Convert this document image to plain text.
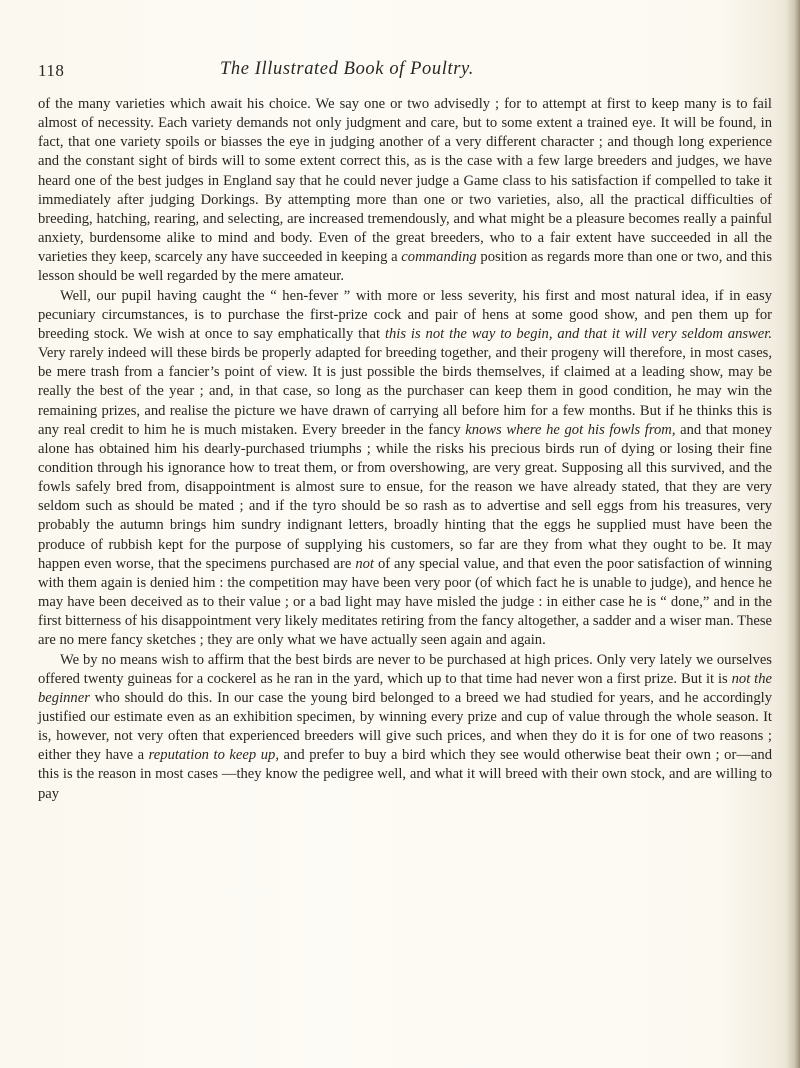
118	The Illustrated Book of Poultry.

of the many varieties which await his choice. We say one or two advisedly ; for to attempt at first to keep many is to fail almost of necessity. Each variety demands not only judgment and care, but to some extent a trained eye. It will be found, in fact, that one variety spoils or biasses the eye in judging another of a very different character ; and though long experience and the constant sight of birds will to some extent correct this, as is the case with a few large breeders and judges, we have heard one of the best judges in England say that he could never judge a Game class to his satisfaction if compelled to take it immediately after judging Dorkings. By attempting more than one or two varieties, also, all the practical difficulties of breeding, hatching, rearing, and selecting, are increased tremendously, and what might be a pleasure becomes really a painful anxiety, burdensome alike to mind and body. Even of the great breeders, who to a fair extent have succeeded in all the varieties they keep, scarcely any have succeeded in keeping a commanding position as regards more than one or two, and this lesson should be well regarded by the mere amateur.

Well, our pupil having caught the “ hen-fever ” with more or less severity, his first and most natural idea, if in easy pecuniary circumstances, is to purchase the first-prize cock and pair of hens at some good show, and pen them up for breeding stock. We wish at once to say emphatically that this is not the way to begin, and that it will very seldom answer. Very rarely indeed will these birds be properly adapted for breeding together, and their progeny will therefore, in most cases, be mere trash from a fancier’s point of view. It is just possible the birds themselves, if claimed at a leading show, may be really the best of the year ; and, in that case, so long as the purchaser can keep them in good condition, he may win the remaining prizes, and realise the picture we have drawn of carrying all before him for a few months. But if he thinks this is any real credit to him he is much mistaken. Every breeder in the fancy knows where he got his fowls from, and that money alone has obtained him his dearly-purchased triumphs ; while the risks his precious birds run of dying or losing their fine condition through his ignorance how to treat them, or from overshowing, are very great. Supposing all this survived, and the fowls safely bred from, disappointment is almost sure to ensue, for the reason we have already stated, that they are very seldom such as should be mated ; and if the tyro should be so rash as to advertise and sell eggs from his treasures, very probably the autumn brings him sundry indignant letters, broadly hinting that the eggs he supplied must have been the produce of rubbish kept for the purpose of supplying his customers, so far are they from what they ought to be. It may happen even worse, that the specimens purchased are not of any special value, and that even the poor satisfaction of winning with them again is denied him : the competition may have been very poor (of which fact he is unable to judge), and hence he may have been deceived as to their value ; or a bad light may have misled the judge : in either case he is “ done,” and in the first bitterness of his disappointment very likely meditates retiring from the fancy altogether, a sadder and a wiser man. These are no mere fancy sketches ; they are only what we have actually seen again and again.

We by no means wish to affirm that the best birds are never to be purchased at high prices. Only very lately we ourselves offered twenty guineas for a cockerel as he ran in the yard, which up to that time had never won a first prize. But it is not the beginner who should do this. In our case the young bird belonged to a breed we had studied for years, and he accordingly justified our estimate even as an exhibition specimen, by winning every prize and cup of value through the whole season. It is, however, not very often that experienced breeders will give such prices, and when they do it is for one of two reasons ; either they have a reputation to keep up, and prefer to buy a bird which they see would otherwise beat their own ; or—and this is the reason in most cases —they know the pedigree well, and what it will breed with their own stock, and are willing to pay
